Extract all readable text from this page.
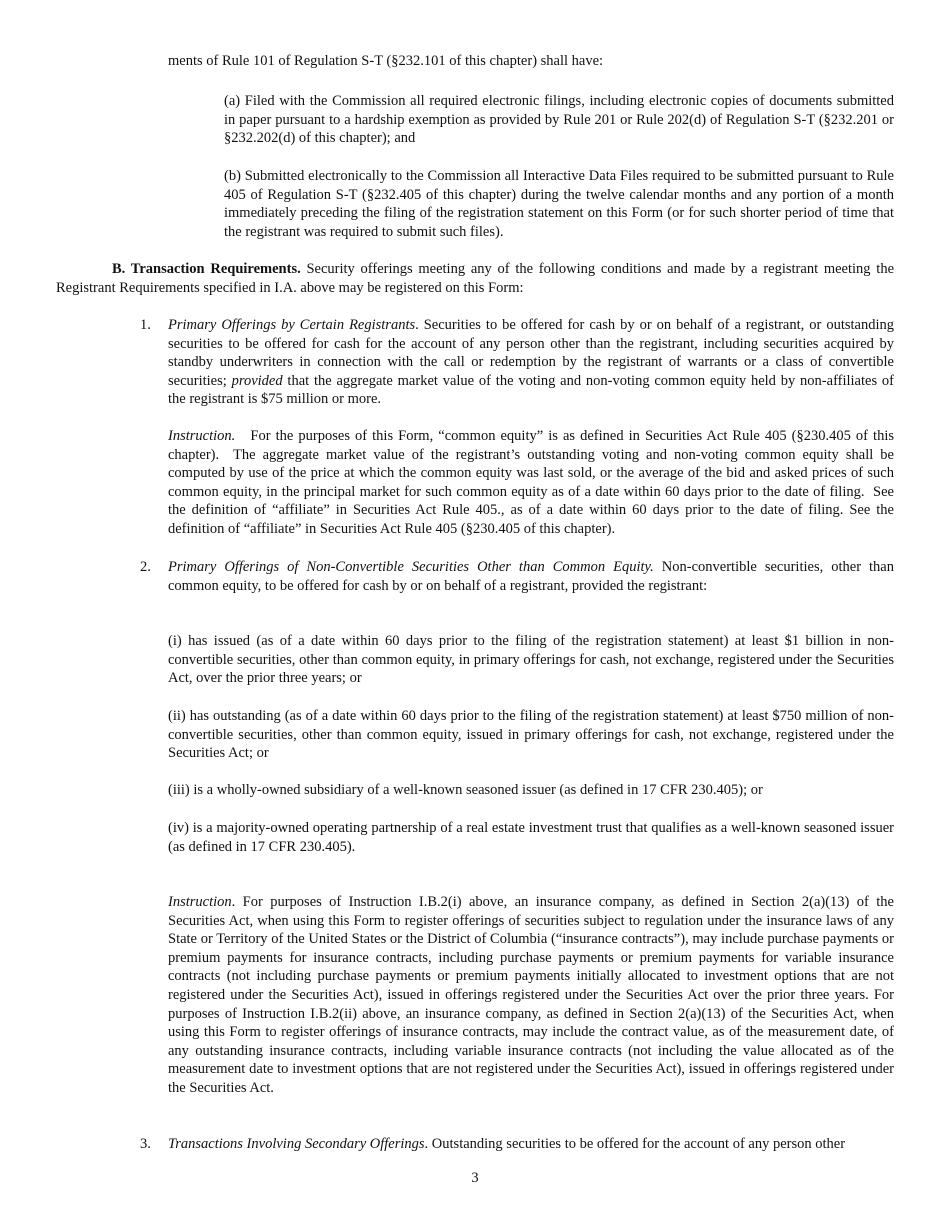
ments of Rule 101 of Regulation S-T (§232.101 of this chapter) shall have:

(a) Filed with the Commission all required electronic filings, including electronic copies of documents submitted in paper pursuant to a hardship exemption as provided by Rule 201 or Rule 202(d) of Regulation S-T (§232.201 or §232.202(d) of this chapter); and

(b) Submitted electronically to the Commission all Interactive Data Files required to be submitted pursuant to Rule 405 of Regulation S-T (§232.405 of this chapter) during the twelve calendar months and any portion of a month immediately preceding the filing of the registration statement on this Form (or for such shorter period of time that the registrant was required to submit such files).

B. Transaction Requirements. Security offerings meeting any of the following conditions and made by a registrant meeting the Registrant Requirements specified in I.A. above may be registered on this Form:

1. Primary Offerings by Certain Registrants. Securities to be offered for cash by or on behalf of a registrant, or outstanding securities to be offered for cash for the account of any person other than the registrant, including securities acquired by standby underwriters in connection with the call or redemption by the registrant of warrants or a class of convertible securities; provided that the aggregate market value of the voting and non-voting common equity held by non-affiliates of the registrant is $75 million or more.

Instruction.   For the purposes of this Form, “common equity” is as defined in Securities Act Rule 405 (§230.405 of this chapter).  The aggregate market value of the registrant’s outstanding voting and non-voting common equity shall be computed by use of the price at which the common equity was last sold, or the average of the bid and asked prices of such common equity, in the principal market for such common equity as of a date within 60 days prior to the date of filing.  See the definition of “affiliate” in Securities Act Rule 405., as of a date within 60 days prior to the date of filing. See the definition of “affiliate” in Securities Act Rule 405 (§230.405 of this chapter).

2. Primary Offerings of Non-Convertible Securities Other than Common Equity. Non-convertible securities, other than common equity, to be offered for cash by or on behalf of a registrant, provided the registrant:

(i) has issued (as of a date within 60 days prior to the filing of the registration statement) at least $1 billion in non-convertible securities, other than common equity, in primary offerings for cash, not exchange, registered under the Securities Act, over the prior three years; or

(ii) has outstanding (as of a date within 60 days prior to the filing of the registration statement) at least $750 million of non-convertible securities, other than common equity, issued in primary offerings for cash, not exchange, registered under the Securities Act; or

(iii) is a wholly-owned subsidiary of a well-known seasoned issuer (as defined in 17 CFR 230.405); or

(iv) is a majority-owned operating partnership of a real estate investment trust that qualifies as a well-known seasoned issuer (as defined in 17 CFR 230.405).

Instruction. For purposes of Instruction I.B.2(i) above, an insurance company, as defined in Section 2(a)(13) of the Securities Act, when using this Form to register offerings of securities subject to regulation under the insurance laws of any State or Territory of the United States or the District of Columbia (“insurance contracts”), may include purchase payments or premium payments for insurance contracts, including purchase payments or premium payments for variable insurance contracts (not including purchase payments or premium payments initially allocated to investment options that are not registered under the Securities Act), issued in offerings registered under the Securities Act over the prior three years. For purposes of Instruction I.B.2(ii) above, an insurance company, as defined in Section 2(a)(13) of the Securities Act, when using this Form to register offerings of insurance contracts, may include the contract value, as of the measurement date, of any outstanding insurance contracts, including variable insurance contracts (not including the value allocated as of the measurement date to investment options that are not registered under the Securities Act), issued in offerings registered under the Securities Act.

3. Transactions Involving Secondary Offerings. Outstanding securities to be offered for the account of any person other

3
